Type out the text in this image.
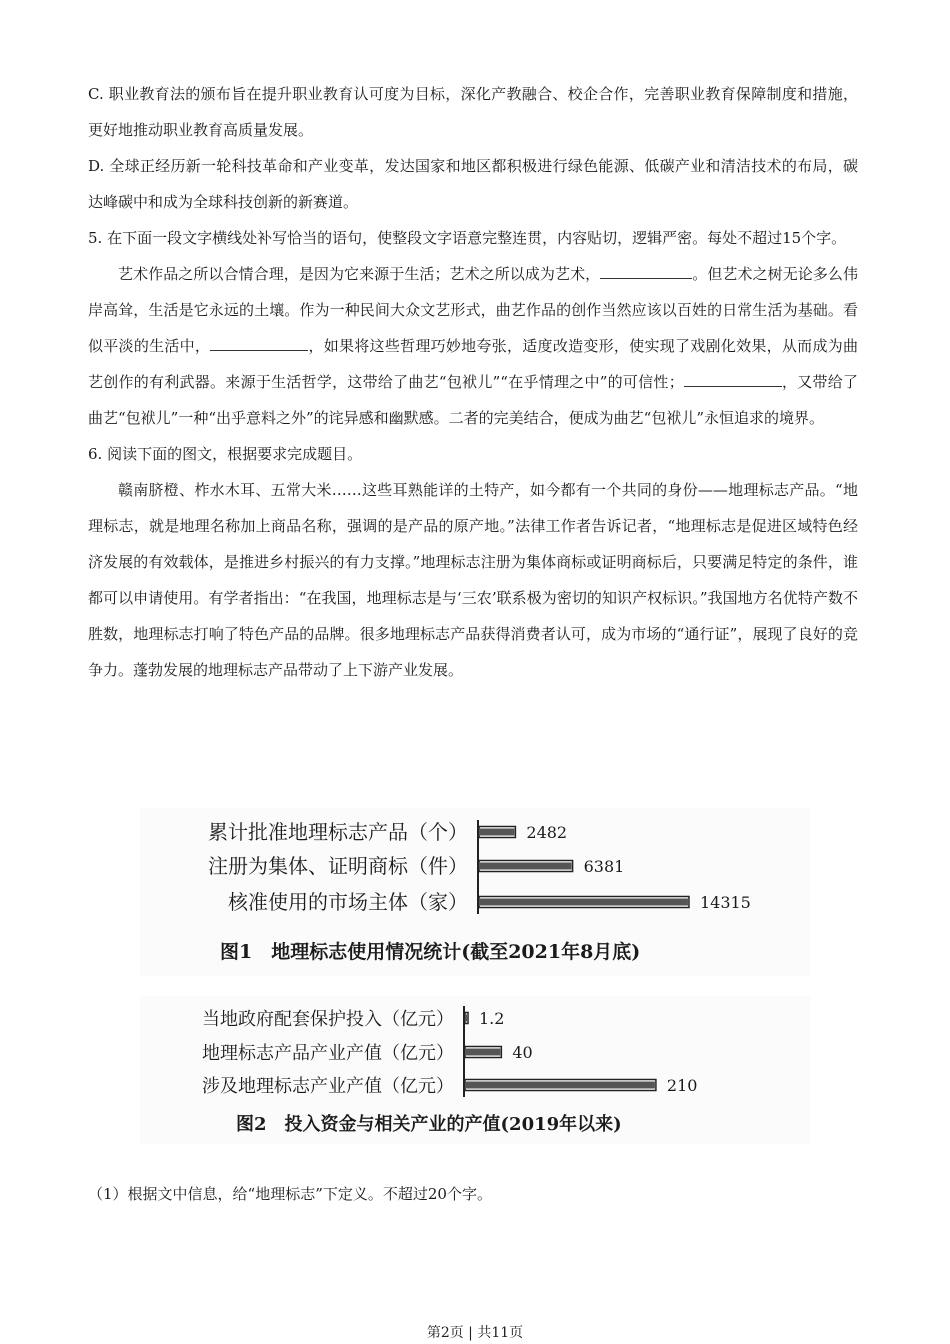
C. 职业教育法的颁布旨在提升职业教育认可度为目标，深化产教融合、校企合作，完善职业教育保障制度和措施，更好地推动职业教育高质量发展。

D. 全球正经历新一轮科技革命和产业变革，发达国家和地区都积极进行绿色能源、低碳产业和清洁技术的布局，碳达峰碳中和成为全球科技创新的新赛道。

5. 在下面一段文字横线处补写恰当的语句，使整段文字语意完整连贯，内容贴切，逻辑严密。每处不超过15个字。

艺术作品之所以合情合理，是因为它来源于生活；艺术之所以成为艺术，	。但艺术之树无论多么伟岸高耸，生活是它永远的土壤。作为一种民间大众文艺形式，曲艺作品的创作当然应该以百姓的日常生活为基础。看似平淡的生活中，	，如果将这些哲理巧妙地夸张，适度改造变形，使实现了戏剧化效果，从而成为曲艺创作的有利武器。来源于生活哲学，这带给了曲艺“包袱儿”“在乎情理之中”的可信性；	，又带给了曲艺“包袱儿”一种“出乎意料之外”的诧异感和幽默感。二者的完美结合，便成为曲艺“包袱儿”永恒追求的境界。

6. 阅读下面的图文，根据要求完成题目。

赣南脐橙、柞水木耳、五常大米……这些耳熟能详的土特产，如今都有一个共同的身份——地理标志产品。“地理标志，就是地理名称加上商品名称，强调的是产品的原产地。”法律工作者告诉记者，“地理标志是促进区域特色经济发展的有效载体，是推进乡村振兴的有力支撑。”地理标志注册为集体商标或证明商标后，只要满足特定的条件，谁都可以申请使用。有学者指出：“在我国，地理标志是与‘三农’联系极为密切的知识产权标识。”我国地方名优特产数不胜数，地理标志打响了特色产品的品牌。很多地理标志产品获得消费者认可，成为市场的“通行证”，展现了良好的竞争力。蓬勃发展的地理标志产品带动了上下游产业发展。

累计批准地理标志产品（个）	2482
注册为集体、证明商标（件）	6381
核准使用的市场主体（家）	14315
图1　地理标志使用情况统计(截至2021年8月底)
当地政府配套保护投入（亿元） 1.2
地理标志产品产业产值（亿元）	40
涉及地理标志产业产值（亿元）	210
图2　投入资金与相关产业的产值(2019年以来)

（1）根据文中信息，给“地理标志”下定义。不超过20个字。

第2页 | 共11页
